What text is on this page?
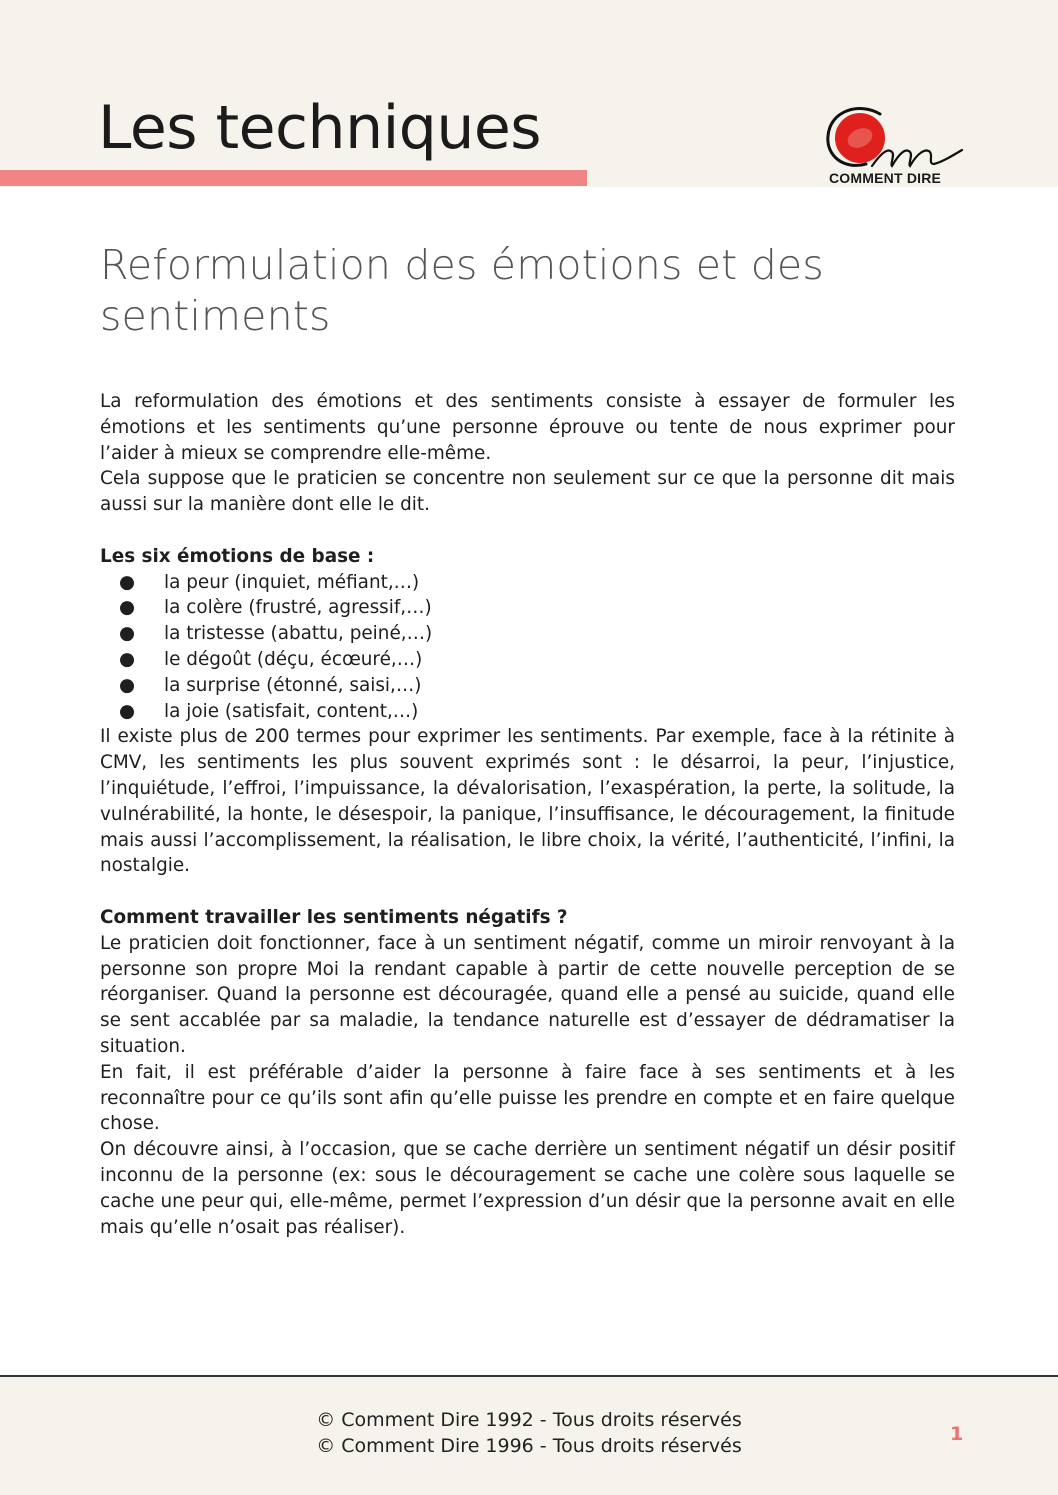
Les techniques
COMMENT DIRE
Reformulation des émotions et des sentiments

La reformulation des émotions et des sentiments consiste à essayer de formuler les émotions et les sentiments qu’une personne éprouve ou tente de nous exprimer pour l’aider à mieux se comprendre elle-même.

Cela suppose que le praticien se concentre non seulement sur ce que la personne dit mais aussi sur la manière dont elle le dit.

Les six émotions de base :

● la peur (inquiet, méfiant,…)
● la colère (frustré, agressif,…)
● la tristesse (abattu, peiné,…)
● le dégoût (déçu, écœuré,…)
● la surprise (étonné, saisi,…)
● la joie (satisfait, content,…)

Il existe plus de 200 termes pour exprimer les sentiments. Par exemple, face à la rétinite à CMV, les sentiments les plus souvent exprimés sont : le désarroi, la peur, l’injustice, l’inquiétude, l’effroi, l’impuissance, la dévalorisation, l’exaspération, la perte, la solitude, la vulnérabilité, la honte, le désespoir, la panique, l’insuffisance, le découragement, la finitude mais aussi l’accomplissement, la réalisation, le libre choix, la vérité, l’authenticité, l’infini, la nostalgie.

Comment travailler les sentiments négatifs ?

Le praticien doit fonctionner, face à un sentiment négatif, comme un miroir renvoyant à la personne son propre Moi la rendant capable à partir de cette nouvelle perception de se réorganiser. Quand la personne est découragée, quand elle a pensé au suicide, quand elle se sent accablée par sa maladie, la tendance naturelle est d’essayer de dédramatiser la situation.

En fait, il est préférable d’aider la personne à faire face à ses sentiments et à les reconnaître pour ce qu’ils sont afin qu’elle puisse les prendre en compte et en faire quelque chose.

On découvre ainsi, à l’occasion, que se cache derrière un sentiment négatif un désir positif inconnu de la personne (ex: sous le découragement se cache une colère sous laquelle se cache une peur qui, elle-même, permet l’expression d’un désir que la personne avait en elle mais qu’elle n’osait pas réaliser).

© Comment Dire 1992 - Tous droits réservés
© Comment Dire 1996 - Tous droits réservés
1
